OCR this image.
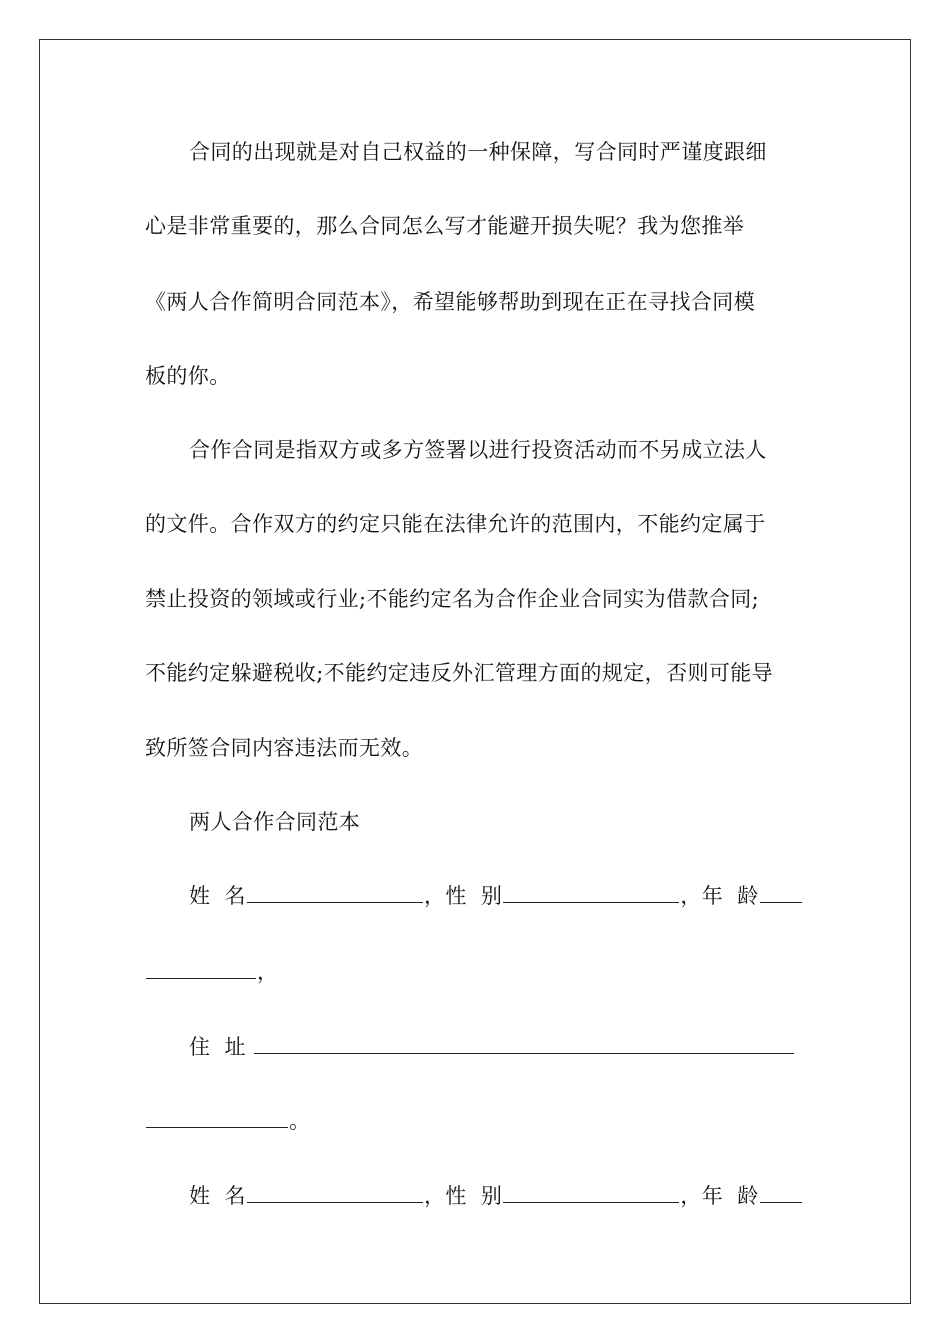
合同的出现就是对自己权益的一种保障，写合同时严谨度跟细
心是非常重要的，那么合同怎么写才能避开损失呢？我为您推举
《两人合作简明合同范本》，希望能够帮助到现在正在寻找合同模
板的你。
合作合同是指双方或多方签署以进行投资活动而不另成立法人
的文件。合作双方的约定只能在法律允许的范围内，不能约定属于
禁止投资的领域或行业;不能约定名为合作企业合同实为借款合同;
不能约定躲避税收;不能约定违反外汇管理方面的规定，否则可能导
致所签合同内容违法而无效。
两人合作合同范本
姓  名	，性  别	，年  龄
，
住  址
。
姓  名	，性  别	，年  龄
